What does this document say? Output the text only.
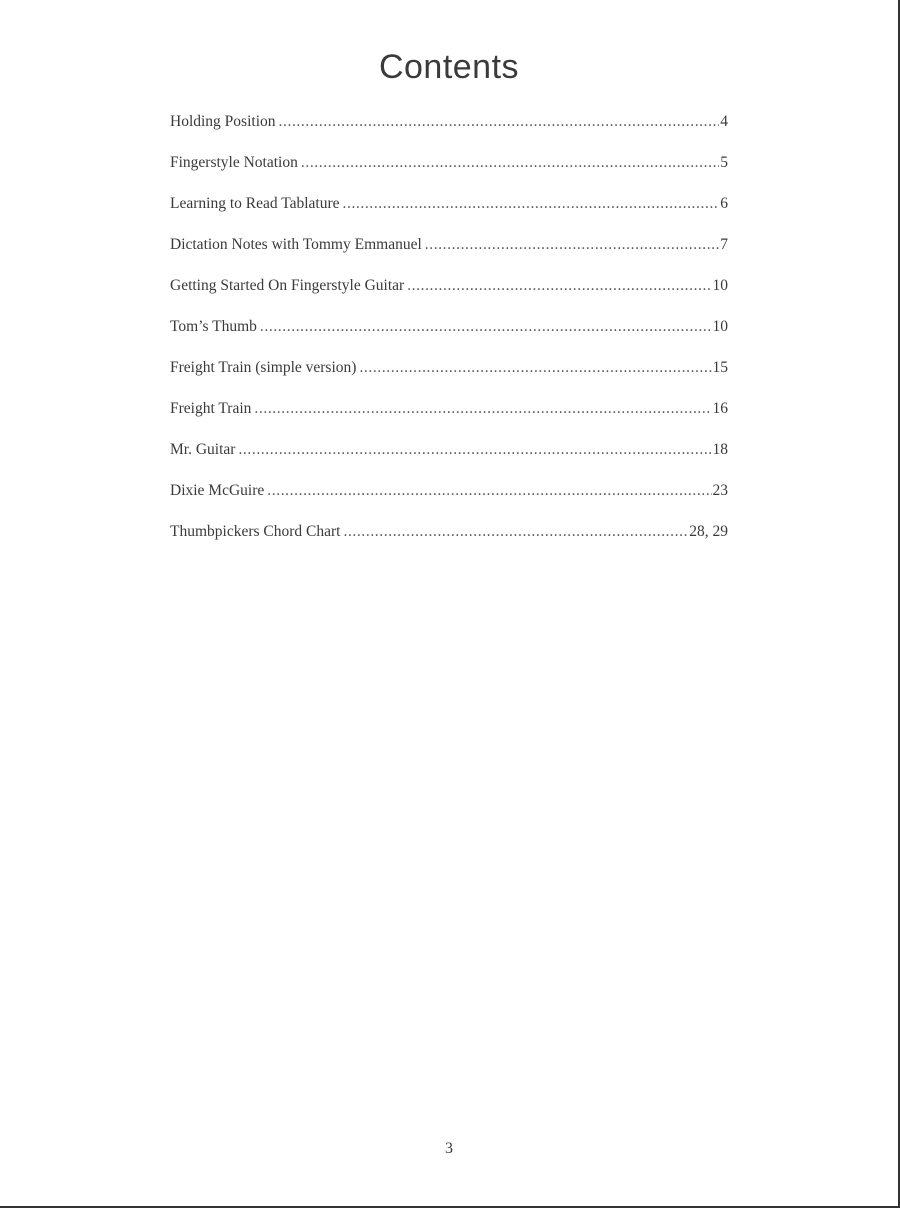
Contents
Holding Position .....	4
Fingerstyle Notation .....	5
Learning to Read Tablature .....	6
Dictation Notes with Tommy Emmanuel .....	7
Getting Started On Fingerstyle Guitar .....	10
Tom’s Thumb .....	10
Freight Train (simple version) .....	15
Freight Train .....	16
Mr. Guitar .....	18
Dixie McGuire .....	23
Thumbpickers Chord Chart .....	28, 29
3
